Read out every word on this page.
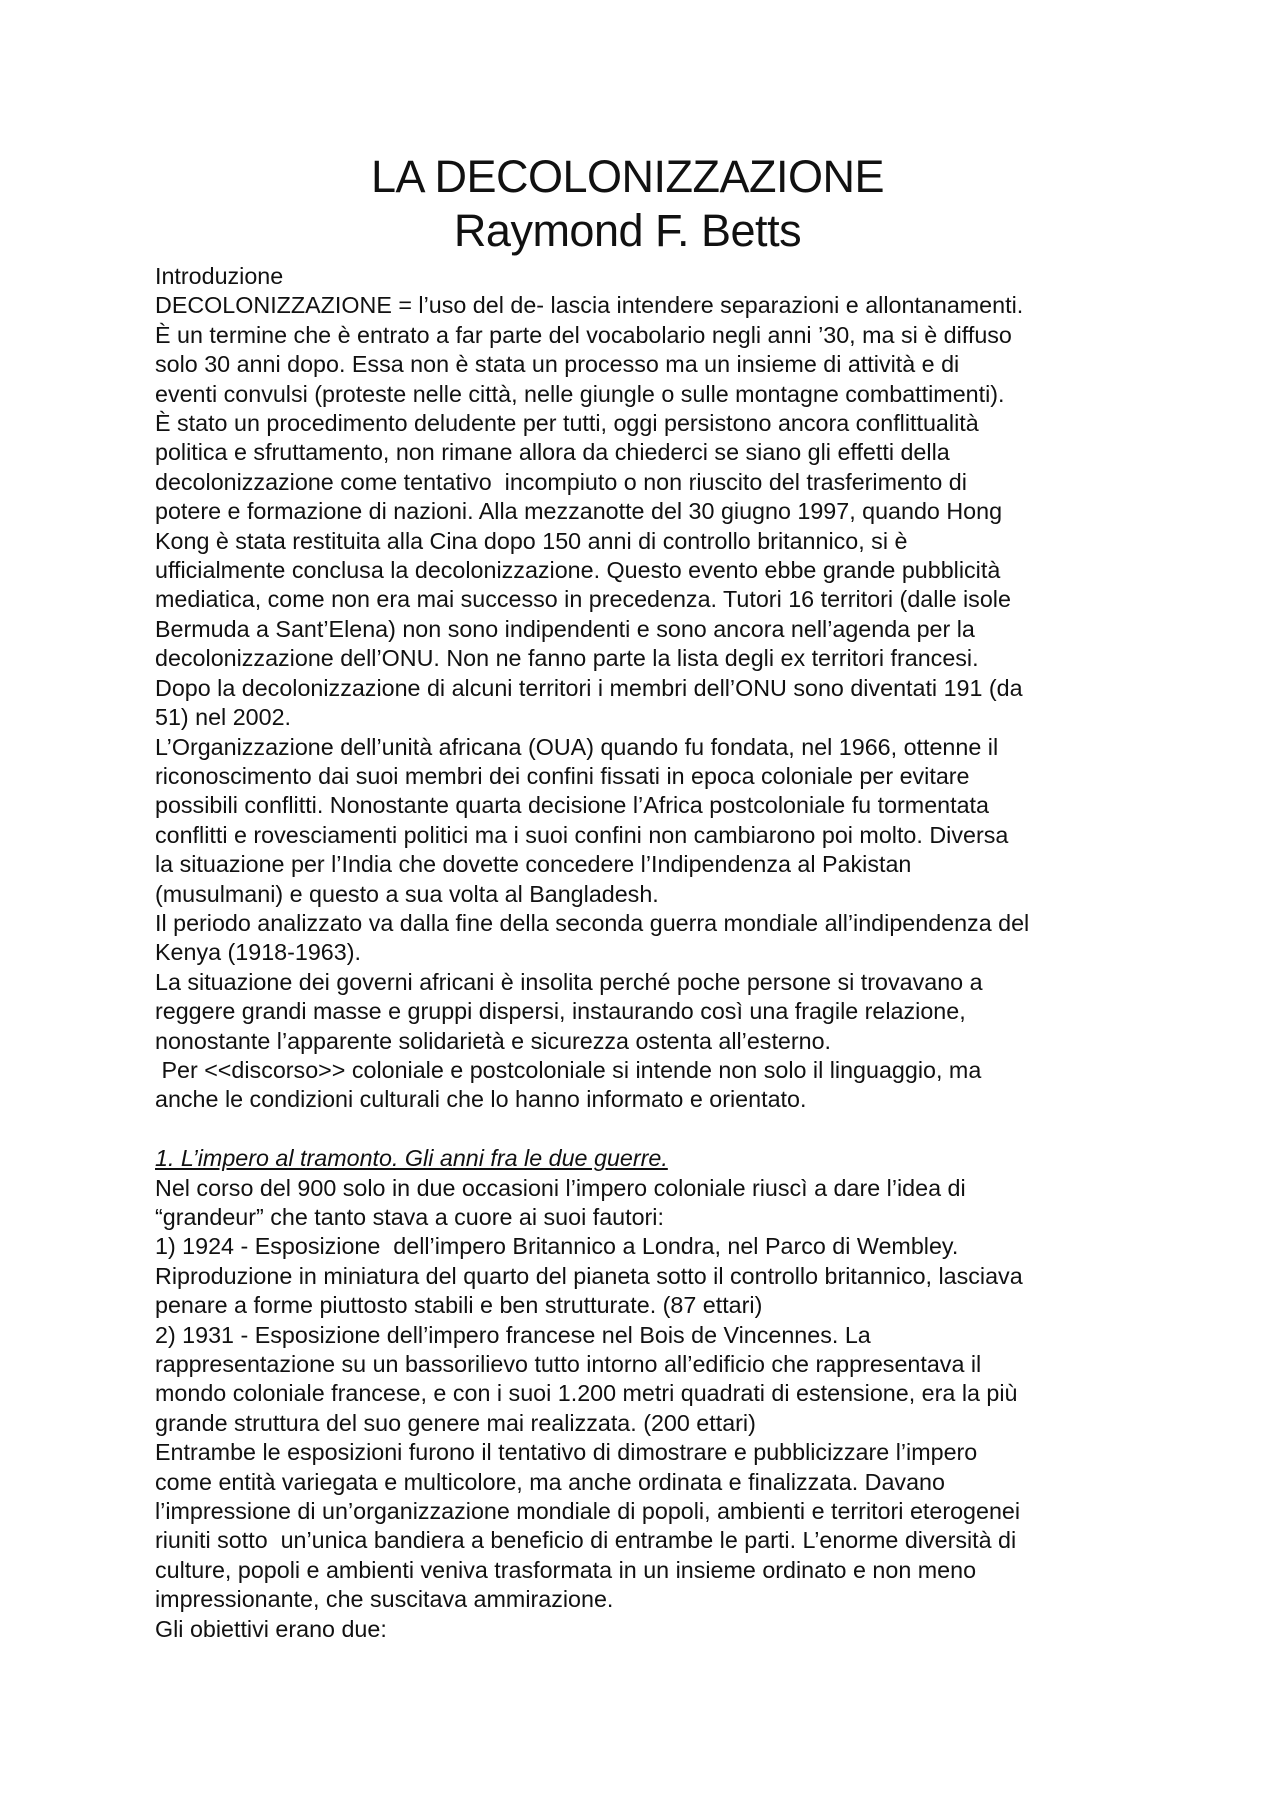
LA DECOLONIZZAZIONE
Raymond F. Betts
Introduzione
DECOLONIZZAZIONE = l’uso del de- lascia intendere separazioni e allontanamenti.
È un termine che è entrato a far parte del vocabolario negli anni ’30, ma si è diffuso
solo 30 anni dopo. Essa non è stata un processo ma un insieme di attività e di
eventi convulsi (proteste nelle città, nelle giungle o sulle montagne combattimenti).
È stato un procedimento deludente per tutti, oggi persistono ancora conflittualità
politica e sfruttamento, non rimane allora da chiederci se siano gli effetti della
decolonizzazione come tentativo  incompiuto o non riuscito del trasferimento di
potere e formazione di nazioni. Alla mezzanotte del 30 giugno 1997, quando Hong
Kong è stata restituita alla Cina dopo 150 anni di controllo britannico, si è
ufficialmente conclusa la decolonizzazione. Questo evento ebbe grande pubblicità
mediatica, come non era mai successo in precedenza. Tutori 16 territori (dalle isole
Bermuda a Sant’Elena) non sono indipendenti e sono ancora nell’agenda per la
decolonizzazione dell’ONU. Non ne fanno parte la lista degli ex territori francesi.
Dopo la decolonizzazione di alcuni territori i membri dell’ONU sono diventati 191 (da
51) nel 2002.
L’Organizzazione dell’unità africana (OUA) quando fu fondata, nel 1966, ottenne il
riconoscimento dai suoi membri dei confini fissati in epoca coloniale per evitare
possibili conflitti. Nonostante quarta decisione l’Africa postcoloniale fu tormentata
conflitti e rovesciamenti politici ma i suoi confini non cambiarono poi molto. Diversa
la situazione per l’India che dovette concedere l’Indipendenza al Pakistan
(musulmani) e questo a sua volta al Bangladesh.
Il periodo analizzato va dalla fine della seconda guerra mondiale all’indipendenza del
Kenya (1918-1963).
La situazione dei governi africani è insolita perché poche persone si trovavano a
reggere grandi masse e gruppi dispersi, instaurando così una fragile relazione,
nonostante l’apparente solidarietà e sicurezza ostenta all’esterno.
Per <<discorso>> coloniale e postcoloniale si intende non solo il linguaggio, ma
anche le condizioni culturali che lo hanno informato e orientato.
1. L’impero al tramonto. Gli anni fra le due guerre.
Nel corso del 900 solo in due occasioni l’impero coloniale riuscì a dare l’idea di
“grandeur” che tanto stava a cuore ai suoi fautori:
1) 1924 - Esposizione  dell’impero Britannico a Londra, nel Parco di Wembley.
Riproduzione in miniatura del quarto del pianeta sotto il controllo britannico, lasciava
penare a forme piuttosto stabili e ben strutturate. (87 ettari)
2) 1931 - Esposizione dell’impero francese nel Bois de Vincennes. La
rappresentazione su un bassorilievo tutto intorno all’edificio che rappresentava il
mondo coloniale francese, e con i suoi 1.200 metri quadrati di estensione, era la più
grande struttura del suo genere mai realizzata. (200 ettari)
Entrambe le esposizioni furono il tentativo di dimostrare e pubblicizzare l’impero
come entità variegata e multicolore, ma anche ordinata e finalizzata. Davano
l’impressione di un’organizzazione mondiale di popoli, ambienti e territori eterogenei
riuniti sotto  un’unica bandiera a beneficio di entrambe le parti. L’enorme diversità di
culture, popoli e ambienti veniva trasformata in un insieme ordinato e non meno
impressionante, che suscitava ammirazione.
Gli obiettivi erano due:
